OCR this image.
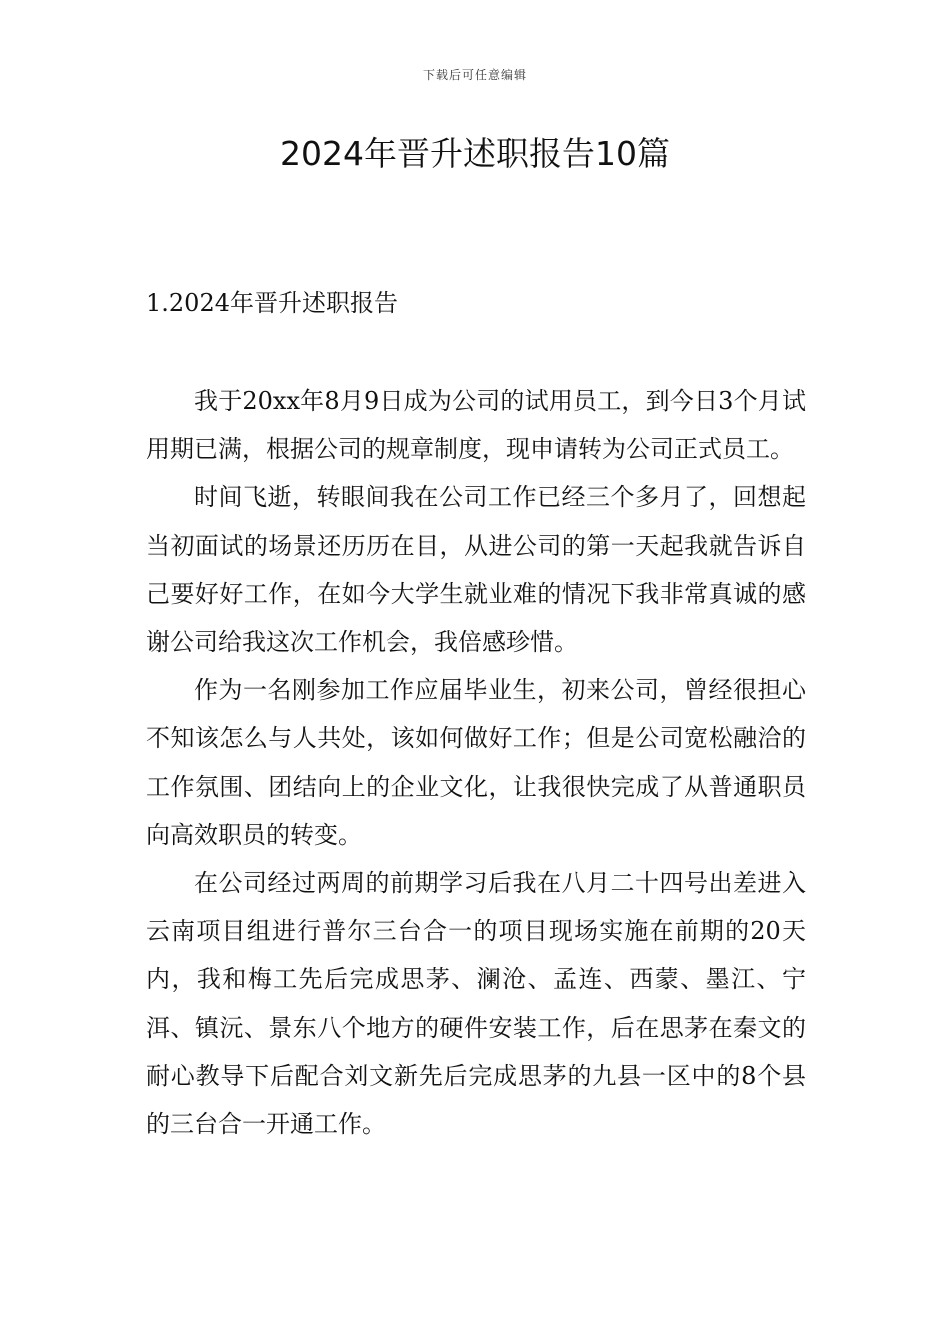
下载后可任意编辑
2024年晋升述职报告10篇
1.2024年晋升述职报告

我于20xx年8月9日成为公司的试用员工，到今日3个月试用期已满，根据公司的规章制度，现申请转为公司正式员工。

时间飞逝，转眼间我在公司工作已经三个多月了，回想起当初面试的场景还历历在目，从进公司的第一天起我就告诉自己要好好工作，在如今大学生就业难的情况下我非常真诚的感谢公司给我这次工作机会，我倍感珍惜。

作为一名刚参加工作应届毕业生，初来公司，曾经很担心不知该怎么与人共处，该如何做好工作；但是公司宽松融洽的工作氛围、团结向上的企业文化，让我很快完成了从普通职员向高效职员的转变。

在公司经过两周的前期学习后我在八月二十四号出差进入云南项目组进行普尔三台合一的项目现场实施在前期的20天内，我和梅工先后完成思茅、澜沧、孟连、西蒙、墨江、宁洱、镇沅、景东八个地方的硬件安装工作，后在思茅在秦文的耐心教导下后配合刘文新先后完成思茅的九县一区中的8个县的三台合一开通工作。
